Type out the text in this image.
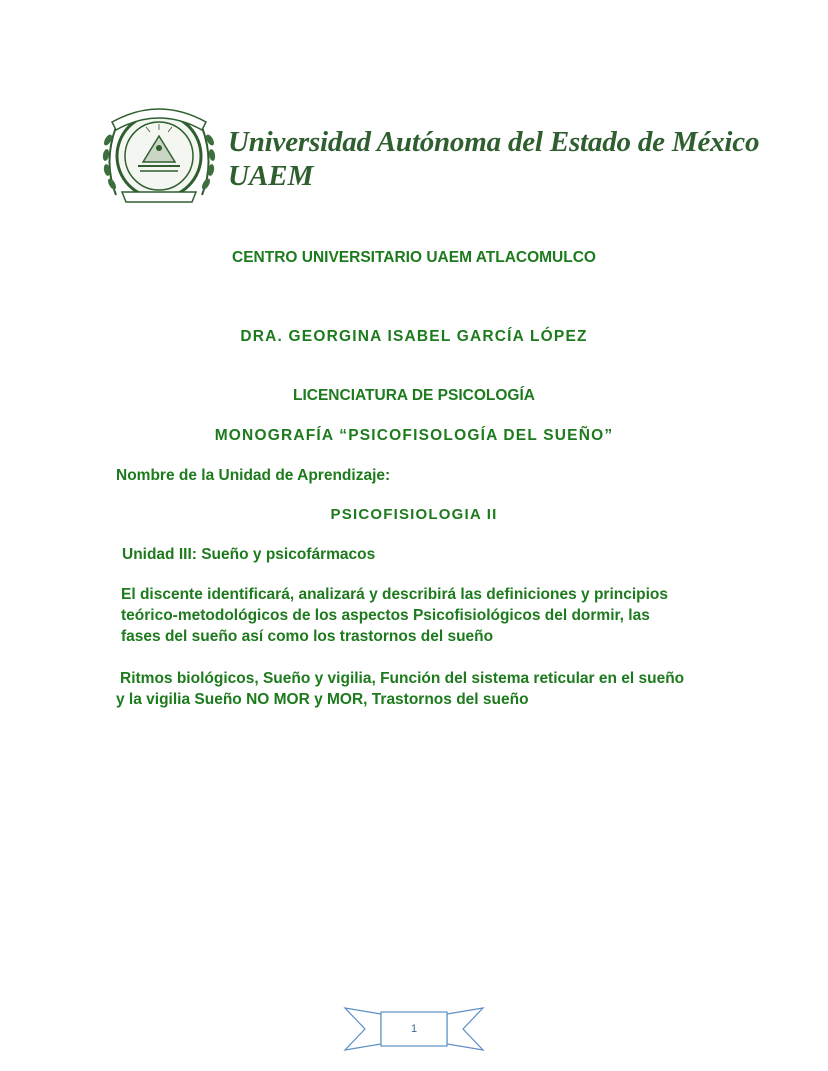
Universidad Autónoma del Estado de México
UAEM
CENTRO UNIVERSITARIO UAEM ATLACOMULCO
DRA. GEORGINA ISABEL GARCÍA LÓPEZ
LICENCIATURA DE PSICOLOGÍA
MONOGRAFÍA “PSICOFISOLOGÍA DEL SUEÑO”
Nombre de la Unidad de Aprendizaje:
PSICOFISIOLOGIA II
Unidad III: Sueño y psicofármacos
El discente identificará, analizará y describirá las definiciones y principios
teórico-metodológicos de los aspectos Psicofisiológicos del dormir, las
fases del sueño así como los trastornos del sueño
Ritmos biológicos, Sueño y vigilia, Función del sistema reticular en el sueño
y la vigilia Sueño NO MOR y MOR, Trastornos del sueño
1
